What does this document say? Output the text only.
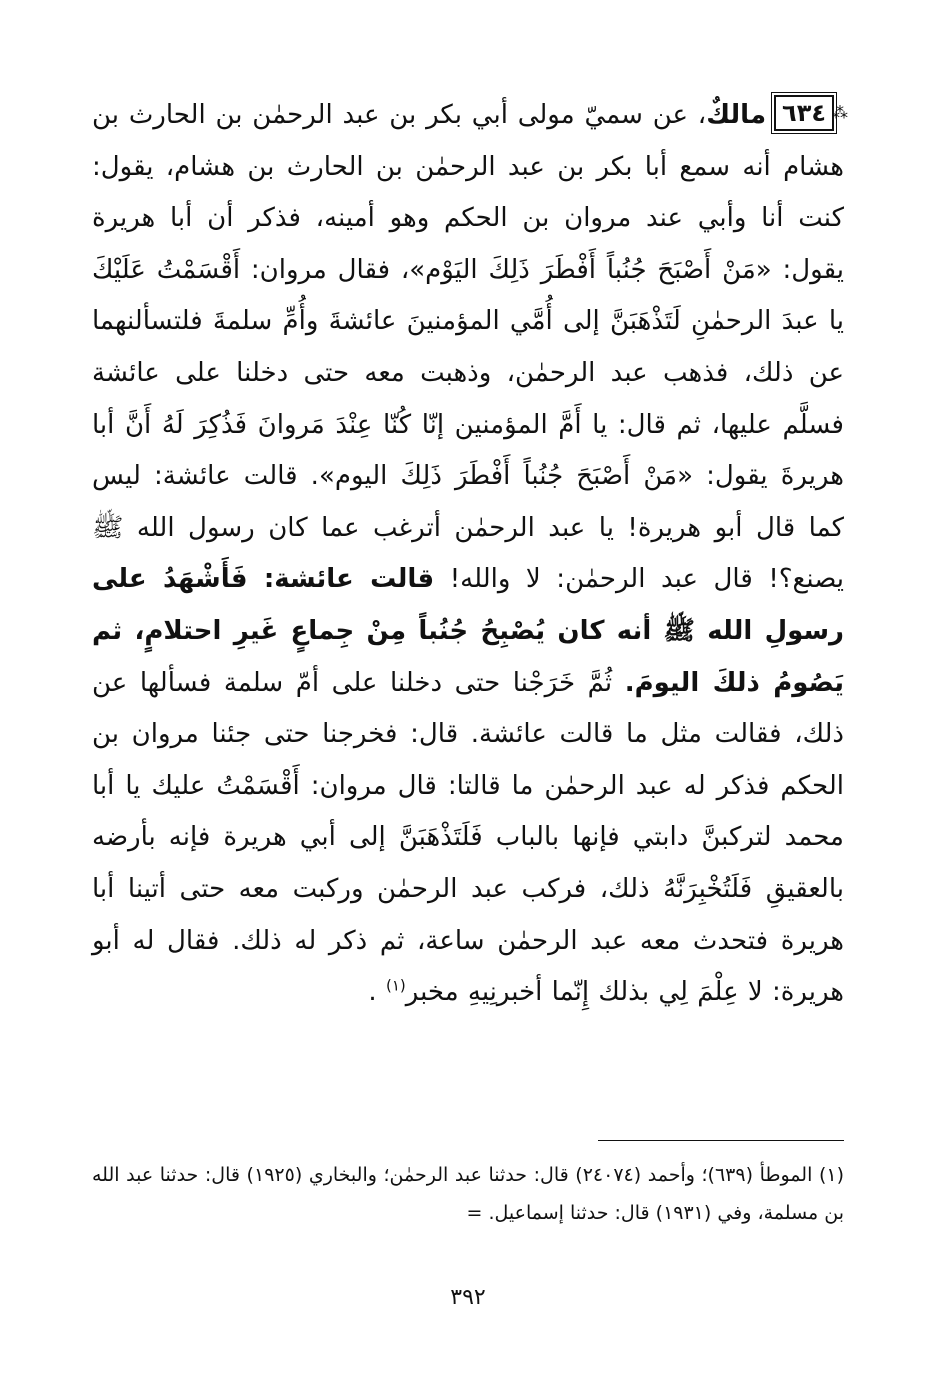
⁂ ٦٣٤مالكٌ، عن سميّ مولى أبي بكر بن عبد الرحمٰن بن الحارث بن هشام أنه سمع أبا بكر بن عبد الرحمٰن بن الحارث بن هشام، يقول: كنت أنا وأبي عند مروان بن الحكم وهو أمينه، فذكر أن أبا هريرة يقول: «مَنْ أَصْبَحَ جُنُباً أَفْطَرَ ذَلِكَ اليَوْم»، فقال مروان: أَقْسَمْتُ عَلَيْكَ يا عبدَ الرحمٰنِ لَتَذْهَبَنَّ إلى أُمَّي المؤمنينَ عائشةَ وأُمِّ سلمةَ فلتسألنهما عن ذلك، فذهب عبد الرحمٰن، وذهبت معه حتى دخلنا على عائشة فسلَّم عليها، ثم قال: يا أَمَّ المؤمنين إنّا كُنّا عِنْدَ مَروانَ فَذُكِرَ لَهُ أَنَّ أبا هريرةَ يقول: «مَنْ أَصْبَحَ جُنُباً أَفْطَرَ ذَلِكَ اليوم». قالت عائشة: ليس كما قال أبو هريرة! يا عبد الرحمٰن أترغب عما كان رسول الله ﷺ يصنع؟! قال عبد الرحمٰن: لا والله! قالت عائشة: فَأَشْهَدُ على رسولِ الله ﷺ أنه كان يُصْبِحُ جُنُباً مِنْ جِماعٍ غَيرِ احتلامٍ، ثم يَصُومُ ذلكَ اليومَ. ثُمَّ خَرَجْنا حتى دخلنا على أمّ سلمة فسألها عن ذلك، فقالت مثل ما قالت عائشة. قال: فخرجنا حتى جئنا مروان بن الحكم فذكر له عبد الرحمٰن ما قالتا: قال مروان: أَقْسَمْتُ عليك يا أبا محمد لتركبنَّ دابتي فإنها بالباب فَلَتَذْهَبَنَّ إلى أبي هريرة فإنه بأرضه بالعقيقِ فَلَتُخْبِرَنَّهُ ذلك، فركب عبد الرحمٰن وركبت معه حتى أتينا أبا هريرة فتحدث معه عبد الرحمٰن ساعة، ثم ذكر له ذلك. فقال له أبو هريرة: لا عِلْمَ لِي بذلك إِنّما أخبرنِيهِ مخبر$^{(١)}$ .

(١) الموطأ (٦٣٩)؛ وأحمد (٢٤٠٧٤) قال: حدثنا عبد الرحمٰن؛ والبخاري (١٩٢٥) قال: حدثنا عبد الله بن مسلمة، وفي (١٩٣١) قال: حدثنا إسماعيل. =

٣٩٢
